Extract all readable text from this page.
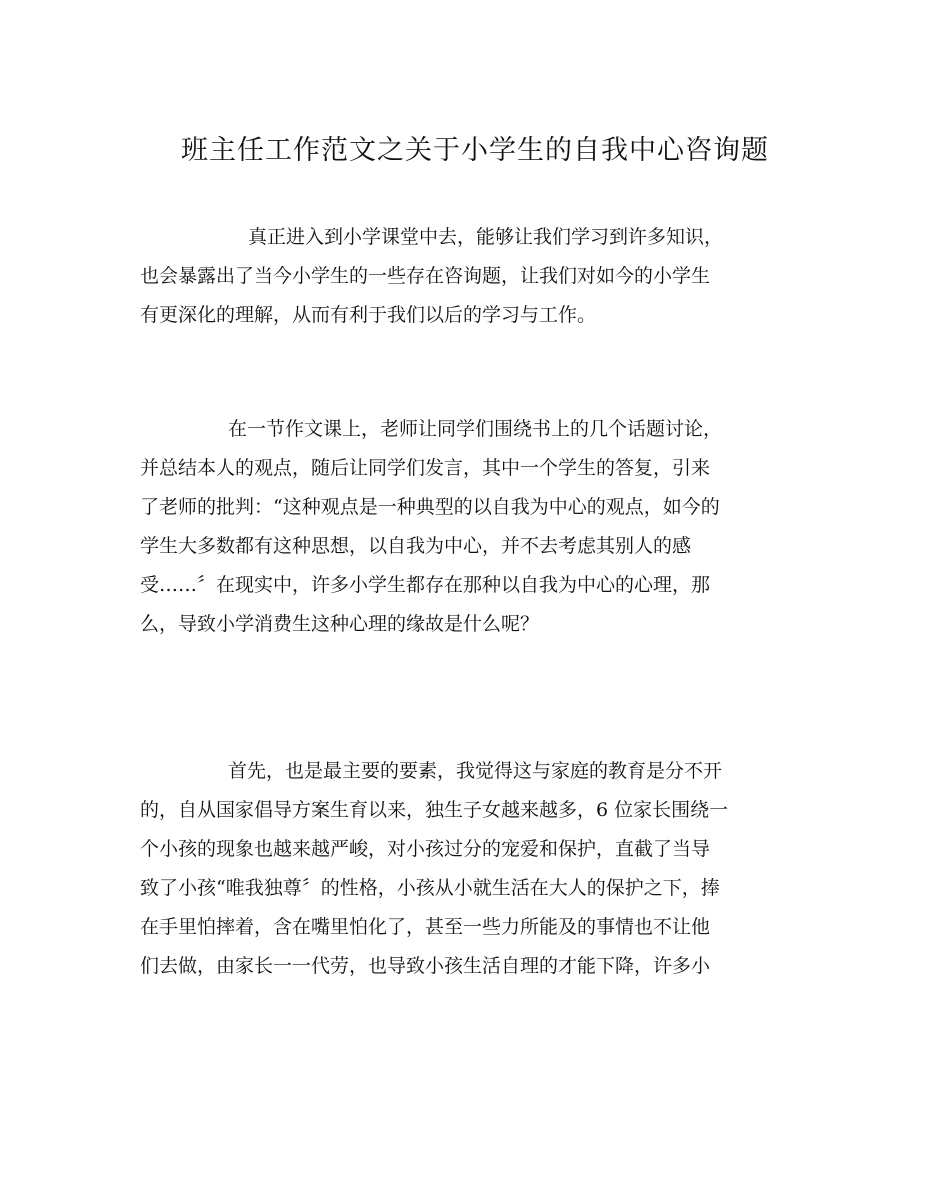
班主任工作范文之关于小学生的自我中心咨询题
真正进入到小学课堂中去，能够让我们学习到许多知识，
也会暴露出了当今小学生的一些存在咨询题，让我们对如今的小学生
有更深化的理解，从而有利于我们以后的学习与工作。
在一节作文课上，老师让同学们围绕书上的几个话题讨论，
并总结本人的观点，随后让同学们发言，其中一个学生的答复，引来
了老师的批判：“这种观点是一种典型的以自我为中心的观点，如今的
学生大多数都有这种思想，以自我为中心，并不去考虑其别人的感
受……〞在现实中，许多小学生都存在那种以自我为中心的心理，那
么，导致小学消费生这种心理的缘故是什么呢？
首先，也是最主要的要素，我觉得这与家庭的教育是分不开
的，自从国家倡导方案生育以来，独生子女越来越多，6 位家长围绕一
个小孩的现象也越来越严峻，对小孩过分的宠爱和保护，直截了当导
致了小孩“唯我独尊〞的性格，小孩从小就生活在大人的保护之下，捧
在手里怕摔着，含在嘴里怕化了，甚至一些力所能及的事情也不让他
们去做，由家长一一代劳，也导致小孩生活自理的才能下降，许多小
